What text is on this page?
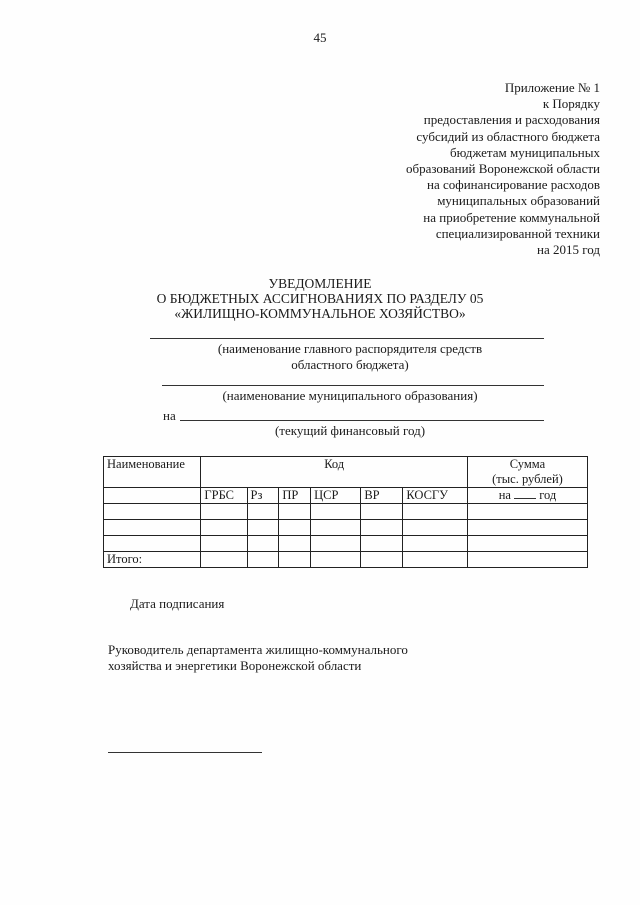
45
Приложение № 1
к Порядку
предоставления и расходования
субсидий из областного бюджета
бюджетам муниципальных
образований Воронежской области
на софинансирование расходов
муниципальных образований
на приобретение коммунальной
специализированной техники
на 2015 год
УВЕДОМЛЕНИЕ
О БЮДЖЕТНЫХ АССИГНОВАНИЯХ ПО РАЗДЕЛУ 05
«ЖИЛИЩНО-КОММУНАЛЬНОЕ ХОЗЯЙСТВО»
(наименование главного распорядителя средств
областного бюджета)
(наименование муниципального образования)
на
(текущий финансовый год)
Наименование	Код						Сумма
(тыс. рублей)

	ГРБС	Рз	ПР	ЦСР	ВР	КОСГУ	на год

Итого:							
Дата подписания
Руководитель департамента жилищно-коммунального
хозяйства и энергетики Воронежской области
